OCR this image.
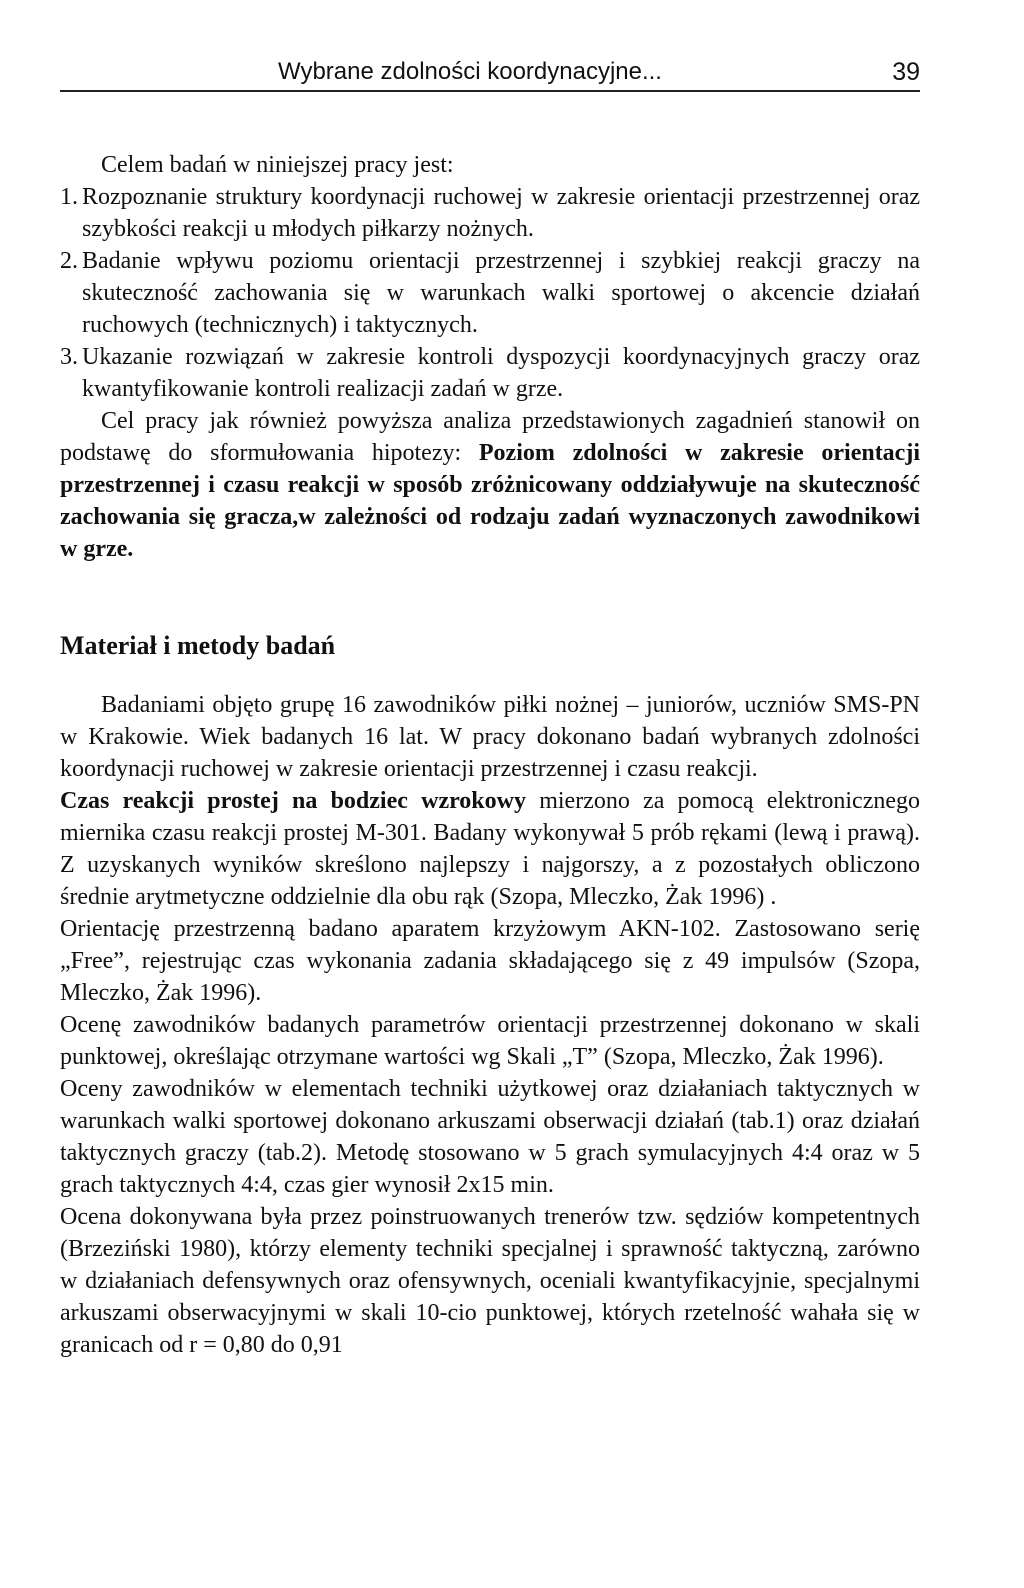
Wybrane zdolności koordynacyjne...	39

Celem badań w niniejszej pracy jest:

1. Rozpoznanie struktury koordynacji ruchowej w zakresie orientacji przestrzennej oraz szybkości reakcji u młodych piłkarzy nożnych.
2. Badanie wpływu poziomu orientacji przestrzennej i szybkiej reakcji graczy na skuteczność zachowania się w warunkach walki sportowej o akcencie działań ruchowych (technicznych) i taktycznych.
3. Ukazanie rozwiązań w zakresie kontroli dyspozycji koordynacyjnych graczy oraz kwantyfikowanie kontroli realizacji zadań w grze.

Cel pracy jak również powyższa analiza przedstawionych zagadnień stanowił on podstawę do sformułowania hipotezy: Poziom zdolności w zakresie orientacji przestrzennej i czasu reakcji w sposób zróżnicowany oddziaływuje na skuteczność zachowania się gracza,w zależności od rodzaju zadań wyznaczonych zawodnikowi w grze.

Materiał i metody badań

Badaniami objęto grupę 16 zawodników piłki nożnej – juniorów, uczniów SMS-PN w Krakowie. Wiek badanych 16 lat. W pracy dokonano badań wybranych zdolności koordynacji ruchowej w zakresie orientacji przestrzennej i czasu reakcji.

Czas reakcji prostej na bodziec wzrokowy mierzono za pomocą elektronicznego miernika czasu reakcji prostej M-301. Badany wykonywał 5 prób rękami (lewą i prawą). Z uzyskanych wyników skreślono najlepszy i najgorszy, a z pozostałych obliczono średnie arytmetyczne oddzielnie dla obu rąk (Szopa, Mleczko, Żak 1996) .

Orientację przestrzenną badano aparatem krzyżowym AKN-102. Zastosowano serię „Free”, rejestrując czas wykonania zadania składającego się z 49 impulsów (Szopa, Mleczko, Żak 1996).

Ocenę zawodników badanych parametrów orientacji przestrzennej dokonano w skali punktowej, określając otrzymane wartości wg Skali „T” (Szopa, Mleczko, Żak 1996).

Oceny zawodników w elementach techniki użytkowej oraz działaniach taktycznych w warunkach walki sportowej dokonano arkuszami obserwacji działań (tab.1) oraz działań taktycznych graczy (tab.2). Metodę stosowano w 5 grach symulacyjnych 4:4 oraz w 5 grach taktycznych 4:4, czas gier wynosił 2x15 min.

Ocena dokonywana była przez poinstruowanych trenerów tzw. sędziów kompetentnych (Brzeziński 1980), którzy elementy techniki specjalnej i sprawność taktyczną, zarówno w działaniach defensywnych oraz ofensywnych, oceniali kwantyfikacyjnie, specjalnymi arkuszami obserwacyjnymi w skali 10-cio punktowej, których rzetelność wahała się w granicach od r = 0,80 do 0,91
